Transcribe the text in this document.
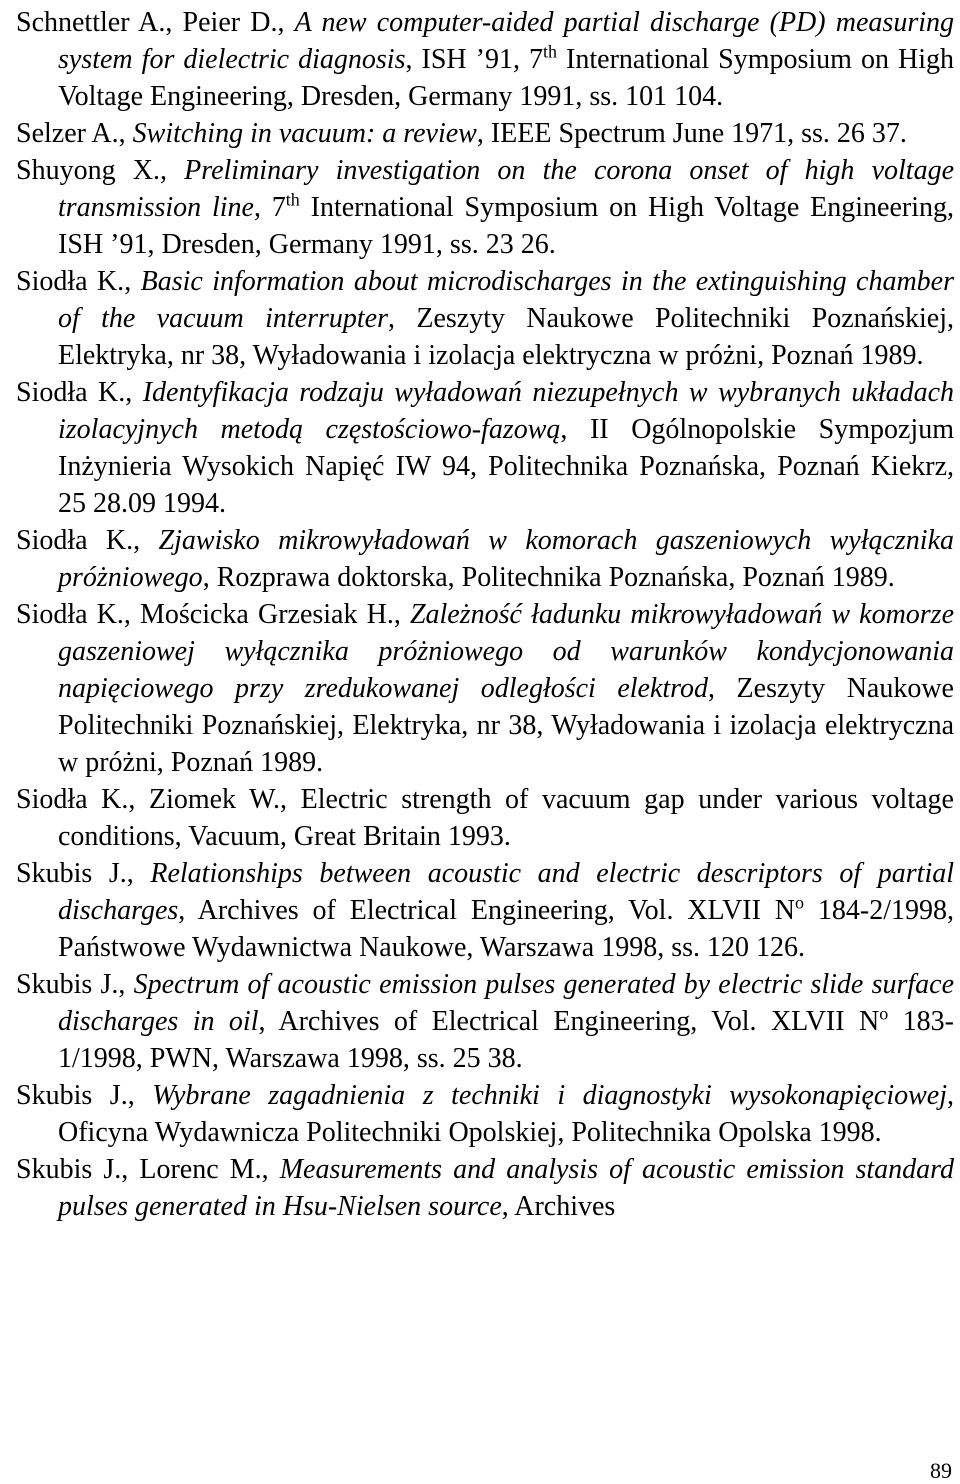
Schnettler A., Peier D., A new computer-aided partial discharge (PD) measuring system for dielectric diagnosis, ISH ’91, 7th International Symposium on High Voltage Engineering, Dresden, Germany 1991, ss. 101 104.
Selzer A., Switching in vacuum: a review, IEEE Spectrum June 1971, ss. 26 37.
Shuyong X., Preliminary investigation on the corona onset of high voltage transmission line, 7th International Symposium on High Voltage Engineering, ISH ’91, Dresden, Germany 1991, ss. 23 26.
Siodła K., Basic information about microdischarges in the extinguishing chamber of the vacuum interrupter, Zeszyty Naukowe Politechniki Poznańskiej, Elektryka, nr 38, Wyładowania i izolacja elektryczna w próżni, Poznań 1989.
Siodła K., Identyfikacja rodzaju wyładowań niezupełnych w wybranych układach izolacyjnych metodą częstościowo-fazową, II Ogólnopolskie Sympozjum Inżynieria Wysokich Napięć IW 94, Politechnika Poznańska, Poznań Kiekrz, 25 28.09 1994.
Siodła K., Zjawisko mikrowyładowań w komorach gaszeniowych wyłącznika próżniowego, Rozprawa doktorska, Politechnika Poznańska, Poznań 1989.
Siodła K., Mościcka Grzesiak H., Zależność ładunku mikrowyładowań w komorze gaszeniowej wyłącznika próżniowego od warunków kondycjonowania napięciowego przy zredukowanej odległości elektrod, Zeszyty Naukowe Politechniki Poznańskiej, Elektryka, nr 38, Wyładowania i izolacja elektryczna w próżni, Poznań 1989.
Siodła K., Ziomek W., Electric strength of vacuum gap under various voltage conditions, Vacuum, Great Britain 1993.
Skubis J., Relationships between acoustic and electric descriptors of partial discharges, Archives of Electrical Engineering, Vol. XLVII $N^o$ 184-2/1998, Państwowe Wydawnictwa Naukowe, Warszawa 1998, ss. 120 126.
Skubis J., Spectrum of acoustic emission pulses generated by electric slide surface discharges in oil, Archives of Electrical Engineering, Vol. XLVII $N^o$ 183-1/1998, PWN, Warszawa 1998, ss. 25 38.
Skubis J., Wybrane zagadnienia z techniki i diagnostyki wysokonapięciowej, Oficyna Wydawnicza Politechniki Opolskiej, Politechnika Opolska 1998.
Skubis J., Lorenc M., Measurements and analysis of acoustic emission standard pulses generated in Hsu-Nielsen source, Archives
89
